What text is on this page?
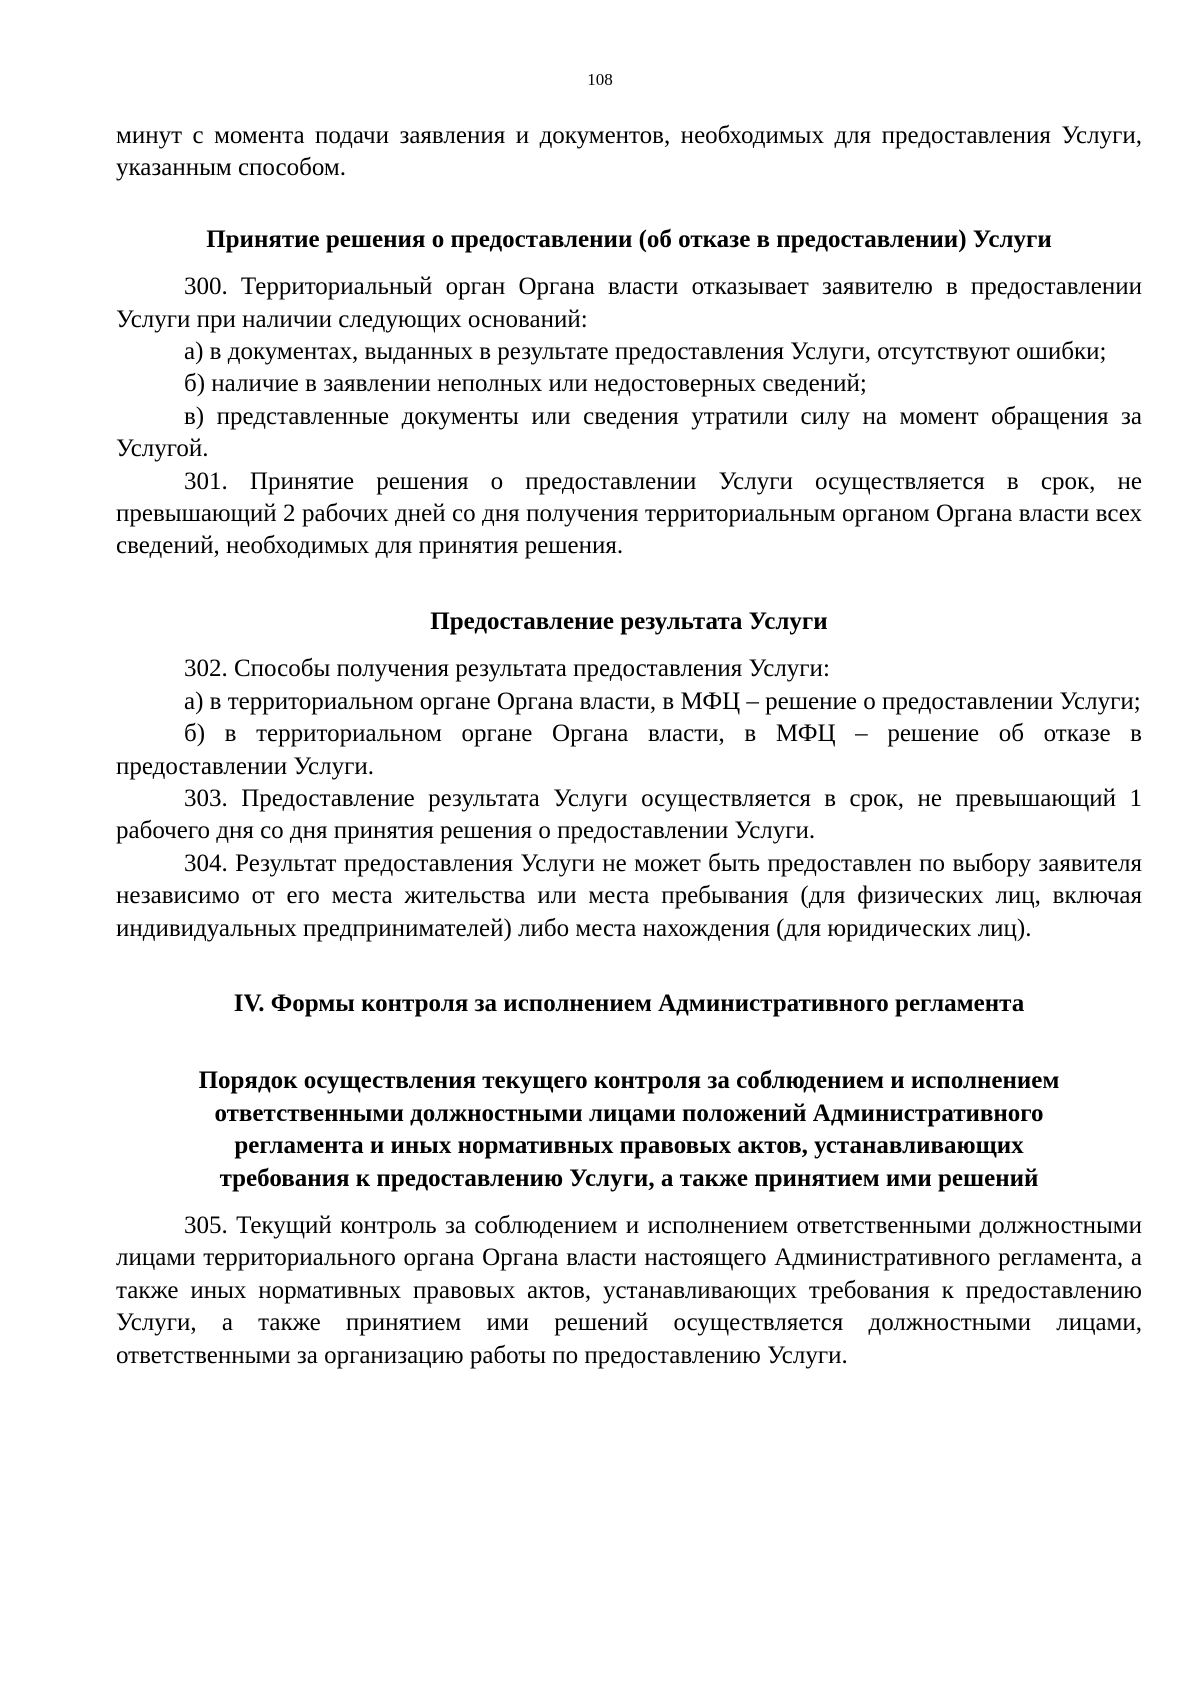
108

минут с момента подачи заявления и документов, необходимых для предоставления Услуги, указанным способом.

Принятие решения о предоставлении (об отказе в предоставлении) Услуги

300. Территориальный орган Органа власти отказывает заявителю в предоставлении Услуги при наличии следующих оснований:

а) в документах, выданных в результате предоставления Услуги, отсутствуют ошибки;

б) наличие в заявлении неполных или недостоверных сведений;

в) представленные документы или сведения утратили силу на момент обращения за Услугой.

301. Принятие решения о предоставлении Услуги осуществляется в срок, не превышающий 2 рабочих дней со дня получения территориальным органом Органа власти всех сведений, необходимых для принятия решения.

Предоставление результата Услуги

302. Способы получения результата предоставления Услуги:

а) в территориальном органе Органа власти, в МФЦ – решение о предоставлении Услуги;

б) в территориальном органе Органа власти, в МФЦ – решение об отказе в предоставлении Услуги.

303. Предоставление результата Услуги осуществляется в срок, не превышающий 1 рабочего дня со дня принятия решения о предоставлении Услуги.

304. Результат предоставления Услуги не может быть предоставлен по выбору заявителя независимо от его места жительства или места пребывания (для физических лиц, включая индивидуальных предпринимателей) либо места нахождения (для юридических лиц).

IV. Формы контроля за исполнением Административного регламента
Порядок осуществления текущего контроля за соблюдением и исполнением
ответственными должностными лицами положений Административного
регламента и иных нормативных правовых актов, устанавливающих
требования к предоставлению Услуги, а также принятием ими решений

305. Текущий контроль за соблюдением и исполнением ответственными должностными лицами территориального органа Органа власти настоящего Административного регламента, а также иных нормативных правовых актов, устанавливающих требования к предоставлению Услуги, а также принятием ими решений осуществляется должностными лицами, ответственными за организацию работы по предоставлению Услуги.
